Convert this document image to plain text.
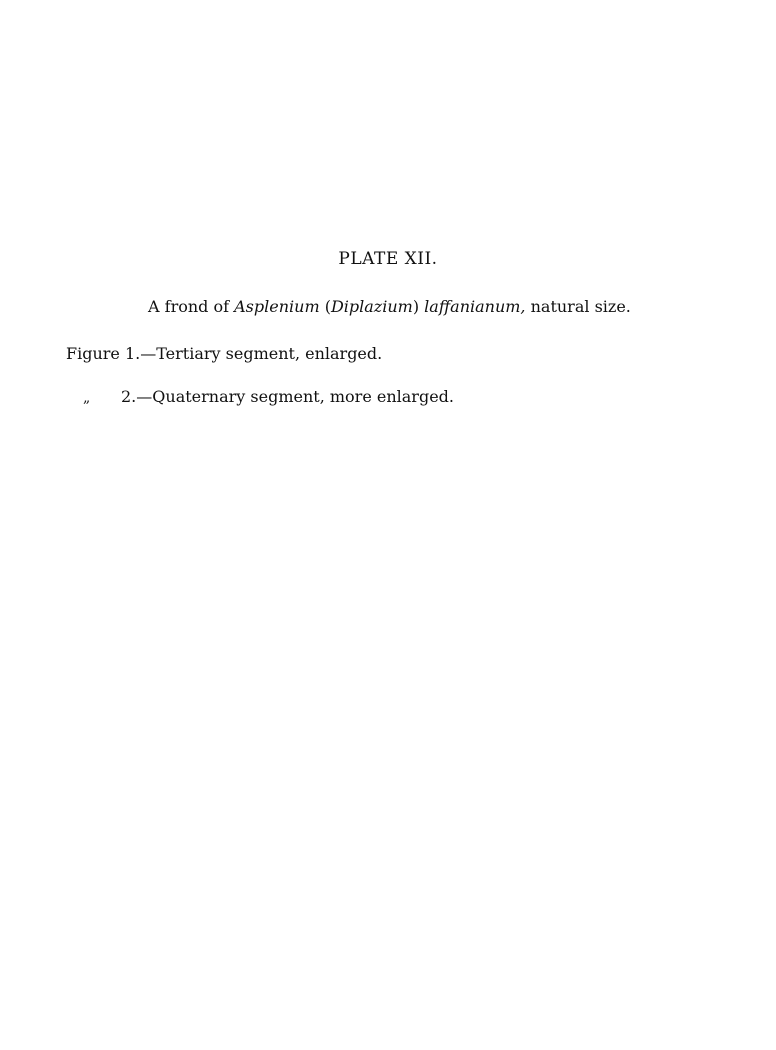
PLATE XII.
A frond of Asplenium (Diplazium) laffanianum, natural size.
Figure 1.—Tertiary segment, enlarged.
„ 2.—Quaternary segment, more enlarged.
